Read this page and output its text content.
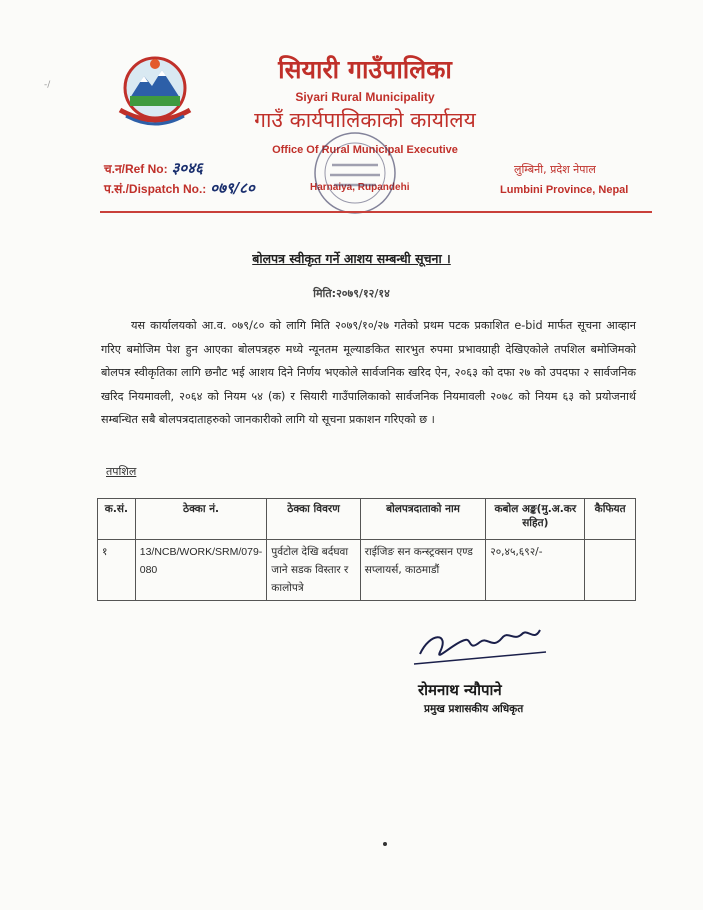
-/
सियारी गाउँपालिका
Siyari Rural Municipality
गाउँ कार्यपालिकाको कार्यालय
Office Of Rural Municipal Executive
च.न/Ref No: ३०४६
प.सं./Dispatch No.: ०७९/८०	Harnaiya, Rupandehi
लुम्बिनी, प्रदेश नेपाल
Lumbini Province, Nepal
बोलपत्र स्वीकृत गर्ने आशय सम्बन्धी सूचना ।
मिति:२०७९/१२/१४
यस कार्यालयको आ.व. ०७९/८० को लागि मिति २०७९/१०/२७ गतेको प्रथम पटक प्रकाशित e-bid मार्फत सूचना आव्हान गरिए बमोजिम पेश हुन आएका बोलपत्रहरु मध्ये न्यूनतम मूल्याङकित सारभुत रुपमा प्रभावग्राही देखिएकोले तपशिल बमोजिमको बोलपत्र स्वीकृतिका लागि छनौट भई आशय दिने निर्णय भएकोले सार्वजनिक खरिद ऐन, २०६३ को दफा २७ को उपदफा २ सार्वजनिक खरिद नियमावली, २०६४ को नियम ५४ (क) र सियारी गाउँपालिकाको सार्वजनिक नियमावली २०७८ को नियम ६३ को प्रयोजनार्थ सम्बन्धित सबै बोलपत्रदाताहरुको जानकारीको लागि यो सूचना प्रकाशन गरिएको छ ।
तपशिल
क.सं.	ठेक्का नं.	ठेक्का विवरण	बोलपत्रदाताको नाम	कबोल अङ्क(मु.अ.कर सहित)	कैफियत
१	13/NCB/WORK/SRM/079-080	पुर्वटोल देखि बर्दघवा जाने सडक विस्तार र कालोपत्रे	राईजिङ सन कन्स्ट्रक्सन एण्ड सप्लायर्स, काठमाडौं	२०,४५,६९२/-	
रोमनाथ न्यौपाने
प्रमुख प्रशासकीय अधिकृत
